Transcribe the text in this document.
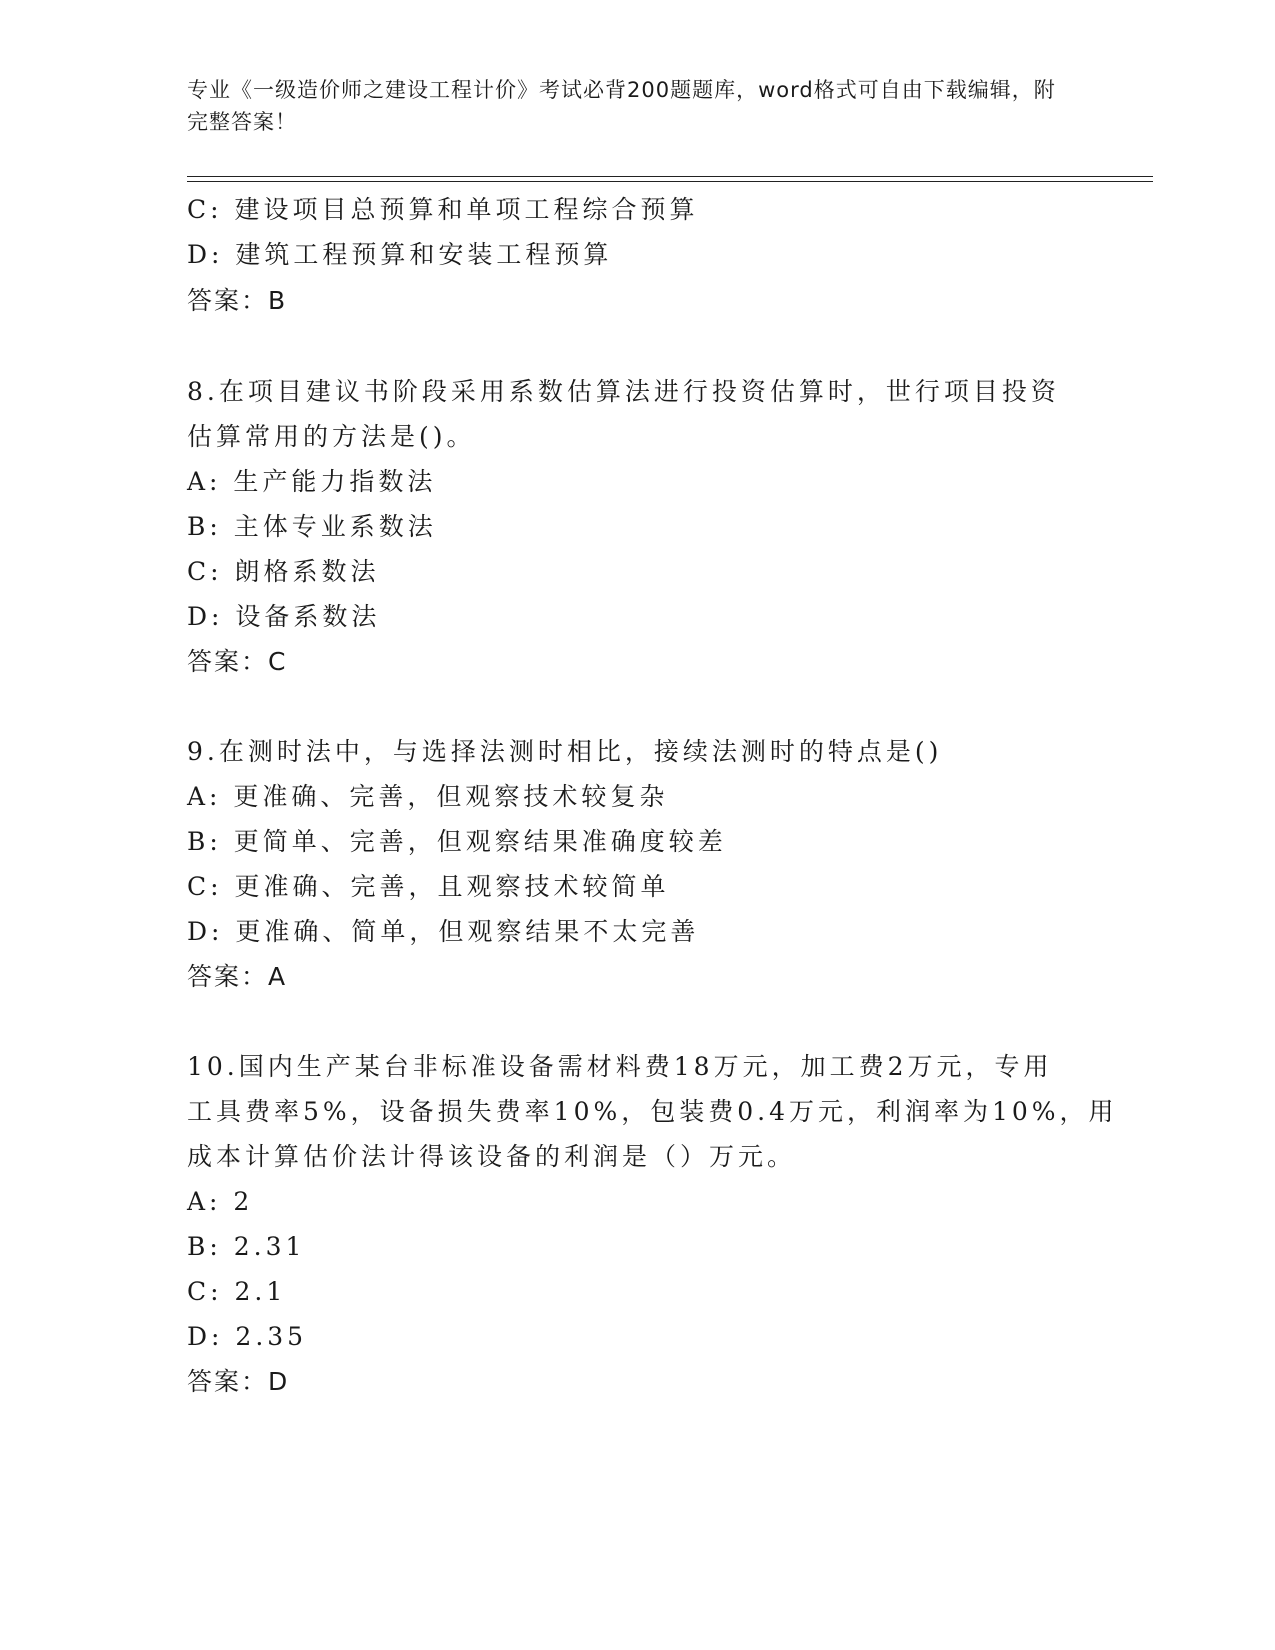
专业《一级造价师之建设工程计价》考试必背200题题库，word格式可自由下载编辑，附完整答案！
C: 建设项目总预算和单项工程综合预算
D: 建筑工程预算和安装工程预算
答案：B
8.在项目建议书阶段采用系数估算法进行投资估算时，世行项目投资
估算常用的方法是()。
A: 生产能力指数法
B: 主体专业系数法
C: 朗格系数法
D: 设备系数法
答案：C
9.在测时法中，与选择法测时相比，接续法测时的特点是()
A: 更准确、完善，但观察技术较复杂
B: 更简单、完善，但观察结果准确度较差
C: 更准确、完善，且观察技术较简单
D: 更准确、简单，但观察结果不太完善
答案：A
10.国内生产某台非标准设备需材料费18万元，加工费2万元，专用
工具费率5%，设备损失费率10%，包装费0.4万元，利润率为10%，用
成本计算估价法计得该设备的利润是（）万元。
A: 2
B: 2.31
C: 2.1
D: 2.35
答案：D
